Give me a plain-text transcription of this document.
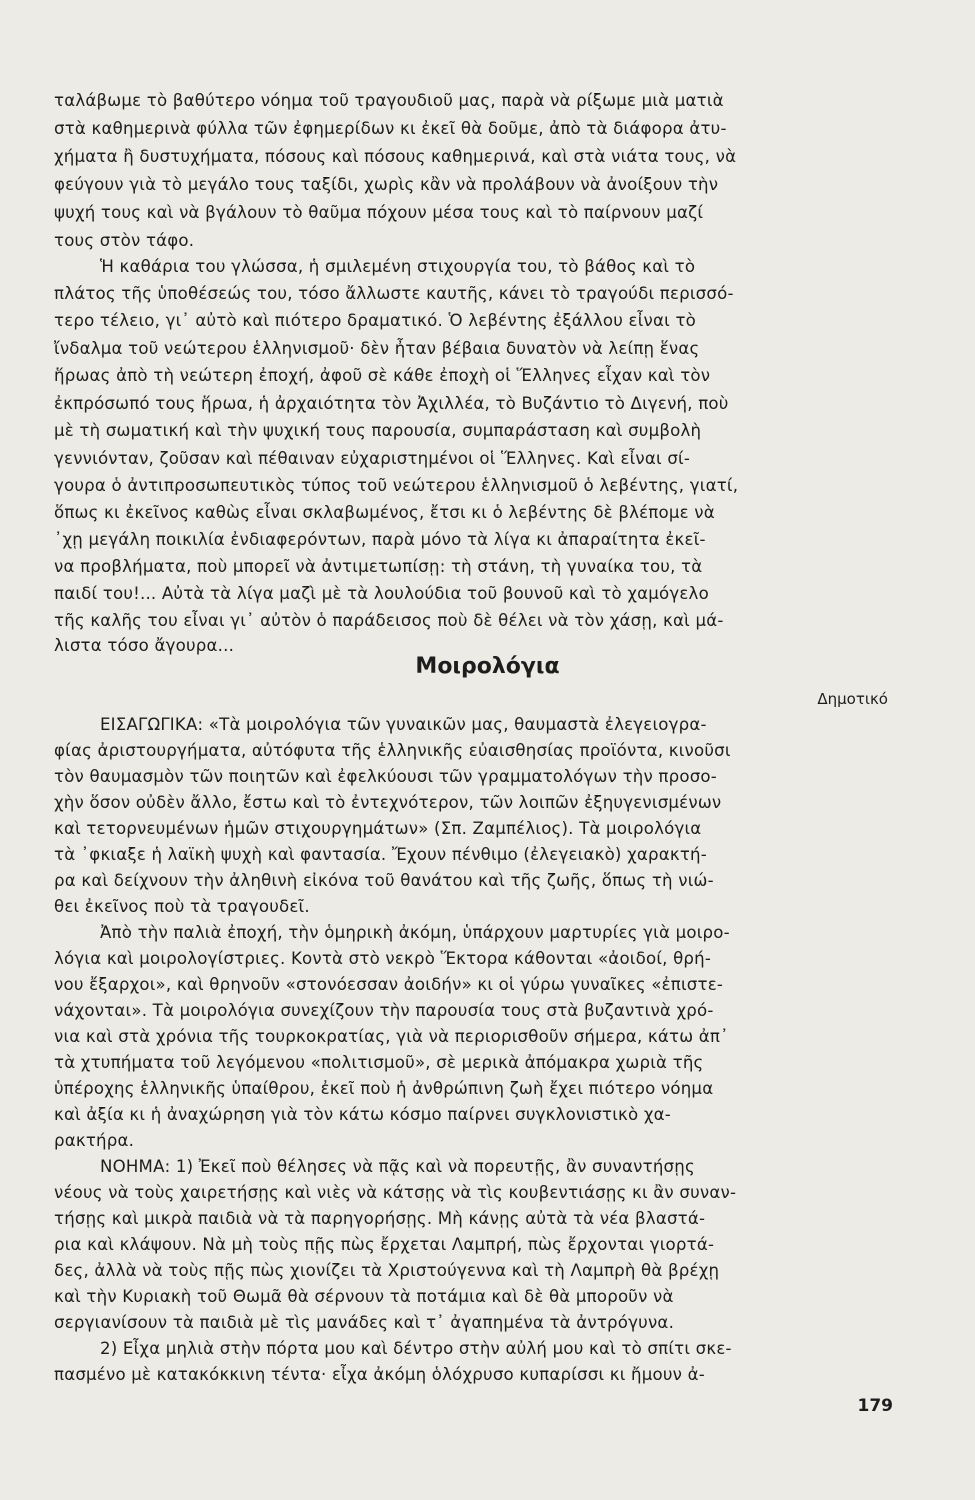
ταλάβωμε τὸ βαθύτερο νόημα τοῦ τραγουδιοῦ μας, παρὰ νὰ ρίξωμε μιὰ ματιὰ
στὰ καθημερινὰ φύλλα τῶν ἐφημερίδων κι ἐκεῖ θὰ δοῦμε, ἀπὸ τὰ διάφορα ἀτυ-
χήματα ἢ δυστυχήματα, πόσους καὶ πόσους καθημερινά, καὶ στὰ νιάτα τους, νὰ
φεύγουν γιὰ τὸ μεγάλο τους ταξίδι, χωρὶς κἂν νὰ προλάβουν νὰ ἀνοίξουν τὴν
ψυχή τους καὶ νὰ βγάλουν τὸ θαῦμα πόχουν μέσα τους καὶ τὸ παίρνουν μαζί
τους στὸν τάφο.
Ἡ καθάρια του γλώσσα, ἡ σμιλεμένη στιχουργία του, τὸ βάθος καὶ τὸ
πλάτος τῆς ὑποθέσεώς του, τόσο ἄλλωστε καυτῆς, κάνει τὸ τραγούδι περισσό-
τερο τέλειο, γι᾽ αὐτὸ καὶ πιότερο δραματικό. Ὁ λεβέντης ἐξάλλου εἶναι τὸ
ἴνδαλμα τοῦ νεώτερου ἑλληνισμοῦ· δὲν ἦταν βέβαια δυνατὸν νὰ λείπῃ ἕνας
ἥρωας ἀπὸ τὴ νεώτερη ἐποχή, ἀφοῦ σὲ κάθε ἐποχὴ οἱ Ἕλληνες εἶχαν καὶ τὸν
ἐκπρόσωπό τους ἥρωα, ἡ ἀρχαιότητα τὸν Ἀχιλλέα, τὸ Βυζάντιο τὸ Διγενή, ποὺ
μὲ τὴ σωματική καὶ τὴν ψυχική τους παρουσία, συμπαράσταση καὶ συμβολὴ
γεννιόνταν, ζοῦσαν καὶ πέθαιναν εὐχαριστημένοι οἱ Ἕλληνες. Καὶ εἶναι σί-
γουρα ὁ ἀντιπροσωπευτικὸς τύπος τοῦ νεώτερου ἑλληνισμοῦ ὁ λεβέντης, γιατί,
ὅπως κι ἐκεῖνος καθὼς εἶναι σκλαβωμένος, ἔτσι κι ὁ λεβέντης δὲ βλέπομε νὰ
᾽χῃ μεγάλη ποικιλία ἐνδιαφερόντων, παρὰ μόνο τὰ λίγα κι ἀπαραίτητα ἐκεῖ-
να προβλήματα, ποὺ μπορεῖ νὰ ἀντιμετωπίσῃ: τὴ στάνη, τὴ γυναίκα του, τὰ
παιδί του!... Αὐτὰ τὰ λίγα μαζὶ μὲ τὰ λουλούδια τοῦ βουνοῦ καὶ τὸ χαμόγελο
τῆς καλῆς του εἶναι γι᾽ αὐτὸν ὁ παράδεισος ποὺ δὲ θέλει νὰ τὸν χάσῃ, καὶ μά-
λιστα τόσο ἄγουρα...
Μοιρολόγια
Δημοτικό
ΕΙΣΑΓΩΓΙΚΑ: «Τὰ μοιρολόγια τῶν γυναικῶν μας, θαυμαστὰ ἐλεγειογρα-
φίας ἀριστουργήματα, αὐτόφυτα τῆς ἑλληνικῆς εὐαισθησίας προϊόντα, κινοῦσι
τὸν θαυμασμὸν τῶν ποιητῶν καὶ ἐφελκύουσι τῶν γραμματολόγων τὴν προσο-
χὴν ὅσον οὐδὲν ἄλλο, ἔστω καὶ τὸ ἐντεχνότερον, τῶν λοιπῶν ἐξηυγενισμένων
καὶ τετορνευμένων ἡμῶν στιχουργημάτων» (Σπ. Ζαμπέλιος). Τὰ μοιρολόγια
τὰ ᾽φκιαξε ἡ λαϊκὴ ψυχὴ καὶ φαντασία. Ἔχουν πένθιμο (ἐλεγειακὸ) χαρακτή-
ρα καὶ δείχνουν τὴν ἀληθινὴ εἰκόνα τοῦ θανάτου καὶ τῆς ζωῆς, ὅπως τὴ νιώ-
θει ἐκεῖνος ποὺ τὰ τραγουδεῖ.
Ἀπὸ τὴν παλιὰ ἐποχή, τὴν ὁμηρικὴ ἀκόμη, ὑπάρχουν μαρτυρίες γιὰ μοιρο-
λόγια καὶ μοιρολογίστριες. Κοντὰ στὸ νεκρὸ Ἕκτορα κάθονται «ἀοιδοί, θρή-
νου ἔξαρχοι», καὶ θρηνοῦν «στονόεσσαν ἀοιδήν» κι οἱ γύρω γυναῖκες «ἐπιστε-
νάχονται». Τὰ μοιρολόγια συνεχίζουν τὴν παρουσία τους στὰ βυζαντινὰ χρό-
νια καὶ στὰ χρόνια τῆς τουρκοκρατίας, γιὰ νὰ περιορισθοῦν σήμερα, κάτω ἀπ᾽
τὰ χτυπήματα τοῦ λεγόμενου «πολιτισμοῦ», σὲ μερικὰ ἀπόμακρα χωριὰ τῆς
ὑπέροχης ἑλληνικῆς ὑπαίθρου, ἐκεῖ ποὺ ἡ ἀνθρώπινη ζωὴ ἔχει πιότερο νόημα
καὶ ἀξία κι ἡ ἀναχώρηση γιὰ τὸν κάτω κόσμο παίρνει συγκλονιστικὸ χα-
ρακτήρα.
ΝΟΗΜΑ: 1) Ἐκεῖ ποὺ θέλησες νὰ πᾷς καὶ νὰ πορευτῇς, ἂν συναντήσῃς
νέους νὰ τοὺς χαιρετήσῃς καὶ νιὲς νὰ κάτσῃς νὰ τὶς κουβεντιάσῃς κι ἂν συναν-
τήσῃς καὶ μικρὰ παιδιὰ νὰ τὰ παρηγορήσῃς. Μὴ κάνῃς αὐτὰ τὰ νέα βλαστά-
ρια καὶ κλάψουν. Νὰ μὴ τοὺς πῇς πὼς ἔρχεται Λαμπρή, πὼς ἔρχονται γιορτά-
δες, ἀλλὰ νὰ τοὺς πῇς πὼς χιονίζει τὰ Χριστούγεννα καὶ τὴ Λαμπρὴ θὰ βρέχῃ
καὶ τὴν Κυριακὴ τοῦ Θωμᾶ θὰ σέρνουν τὰ ποτάμια καὶ δὲ θὰ μποροῦν νὰ
σεργιανίσουν τὰ παιδιὰ μὲ τὶς μανάδες καὶ τ᾽ ἀγαπημένα τὰ ἀντρόγυνα.
2) Εἶχα μηλιὰ στὴν πόρτα μου καὶ δέντρο στὴν αὐλή μου καὶ τὸ σπίτι σκε-
πασμένο μὲ κατακόκκινη τέντα· εἶχα ἀκόμη ὁλόχρυσο κυπαρίσσι κι ἤμουν ἀ-
179
